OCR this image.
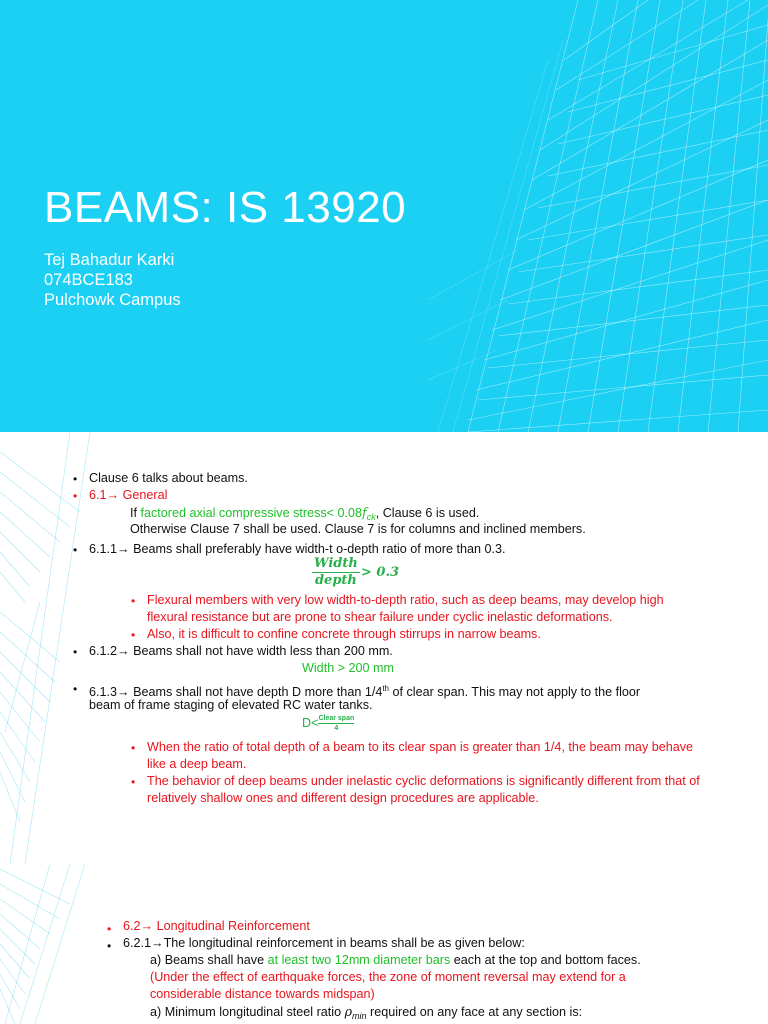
BEAMS: IS 13920
Tej Bahadur Karki
074BCE183
Pulchowk Campus
• Clause 6 talks about beams.
• 6.1→ General
If factored axial compressive stress< $0.08f_{ck}$, Clause 6 is used.
Otherwise Clause 7 shall be used. Clause 7 is for columns and inclined members.
• 6.1.1→ Beams shall preferably have width-t o-depth ratio of more than 0.3.
Width
depth
> 0.3
• Flexural members with very low width-to-depth ratio, such as deep beams, may develop high flexural resistance but are prone to shear failure under cyclic inelastic deformations.
• Also, it is difficult to confine concrete through stirrups in narrow beams.
• 6.1.2→ Beams shall not have width less than 200 mm.
Width > 200 mm
• 6.1.3→ Beams shall not have depth D more than 1/4th of clear span. This may not apply to the floor
beam of frame staging of elevated RC water tanks.
D< Clear span
4
• When the ratio of total depth of a beam to its clear span is greater than 1/4, the beam may behave like a deep beam.
• The behavior of deep beams under inelastic cyclic deformations is significantly different from that of relatively shallow ones and different design procedures are applicable.
• 6.2→ Longitudinal Reinforcement
• 6.2.1→The longitudinal reinforcement in beams shall be as given below:
a) Beams shall have at least two 12mm diameter bars each at the top and bottom faces.
(Under the effect of earthquake forces, the zone of moment reversal may extend for a considerable distance towards midspan)
a) Minimum longitudinal steel ratio $\rho_{min}$ required on any face at any section is:
